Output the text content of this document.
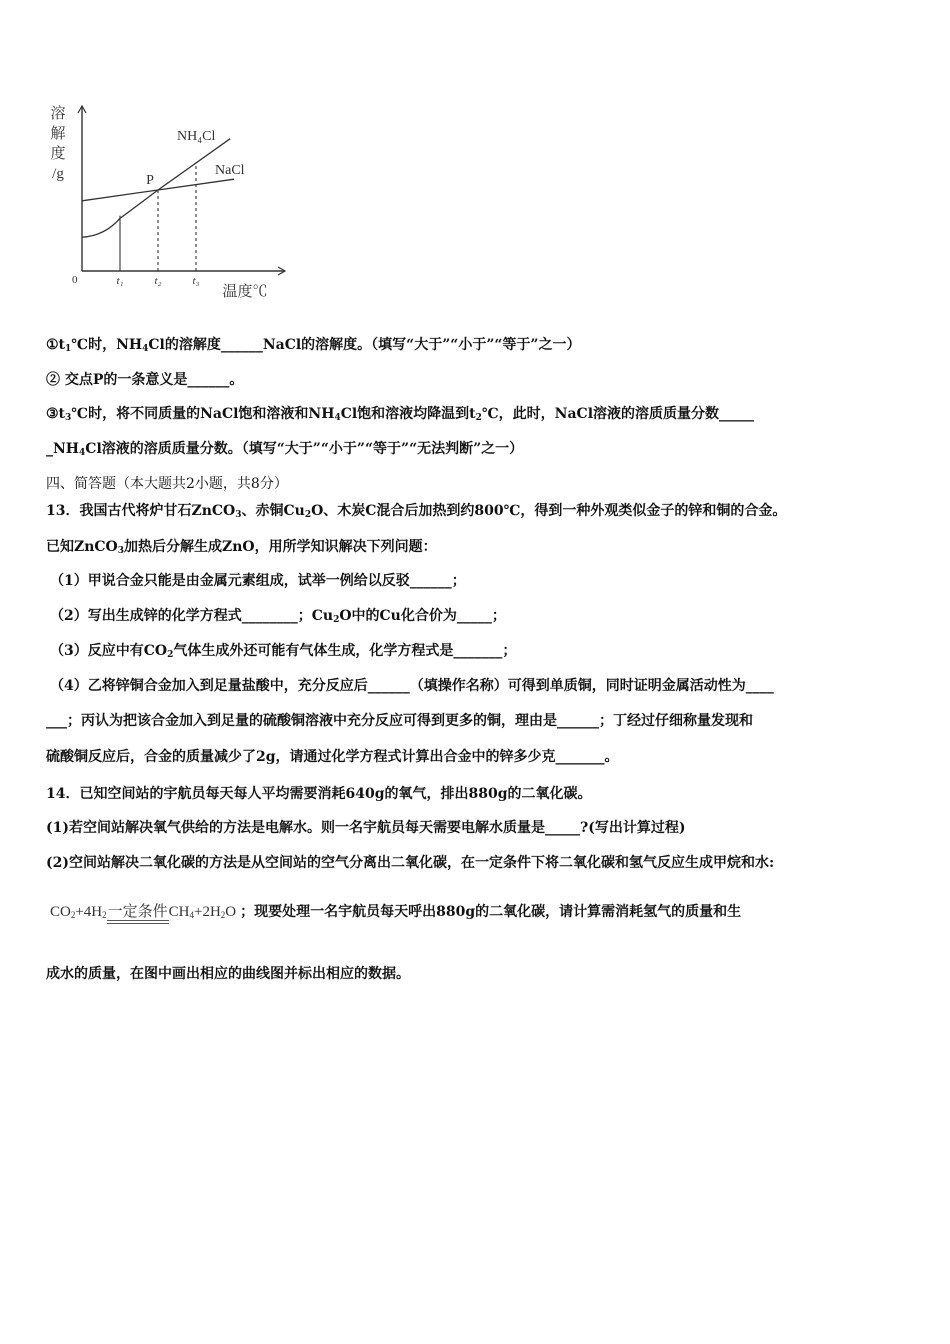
溶
解
度
/g
温度℃
0	t₁	t₂	t₃
P
NH₄Cl
NaCl
$①t_1℃$时，$NH_4Cl$的溶解度______NaCl的溶解度。（填写“大于”“小于”“等于”之一）
② 交点P的一条意义是______。
$③t_3℃$时，将不同质量的NaCl饱和溶液和$NH_4Cl$饱和溶液均降温到$t_2℃$，此时，NaCl溶液的溶质质量分数_____
$\_NH_4Cl$溶液的溶质质量分数。（填写“大于”“小于”“等于”“无法判断”之一）
四、简答题（本大题共2小题，共8分）
13．我国古代将炉甘石ZnCO$_3$、赤铜$Cu_2O$、木炭C混合后加热到约800℃，得到一种外观类似金子的锌和铜的合金。
已知ZnCO$_3$加热后分解生成ZnO，用所学知识解决下列问题：
（1）甲说合金只能是由金属元素组成，试举一例给以反驳______；
（2）写出生成锌的化学方程式________；$Cu_2O$中的Cu化合价为_____；
（3）反应中有$CO_2$气体生成外还可能有气体生成，化学方程式是_______；
（4）乙将锌铜合金加入到足量盐酸中，充分反应后______（填操作名称）可得到单质铜，同时证明金属活动性为____
___；丙认为把该合金加入到足量的硫酸铜溶液中充分反应可得到更多的铜，理由是______；丁经过仔细称量发现和
硫酸铜反应后，合金的质量减少了2g，请通过化学方程式计算出合金中的锌多少克_______。
14．已知空间站的宇航员每天每人平均需要消耗640g的氧气，排出880g的二氧化碳。
(1)若空间站解决氧气供给的方法是电解水。则一名宇航员每天需要电解水质量是_____?(写出计算过程)
(2)空间站解决二氧化碳的方法是从空间站的空气分离出二氧化碳，在一定条件下将二氧化碳和氢气反应生成甲烷和水:
$CO_2+4H_2$一定条件$CH_4+2H_2O$ ；现要处理一名宇航员每天呼出880g的二氧化碳，请计算需消耗氢气的质量和生
成水的质量，在图中画出相应的曲线图并标出相应的数据。
